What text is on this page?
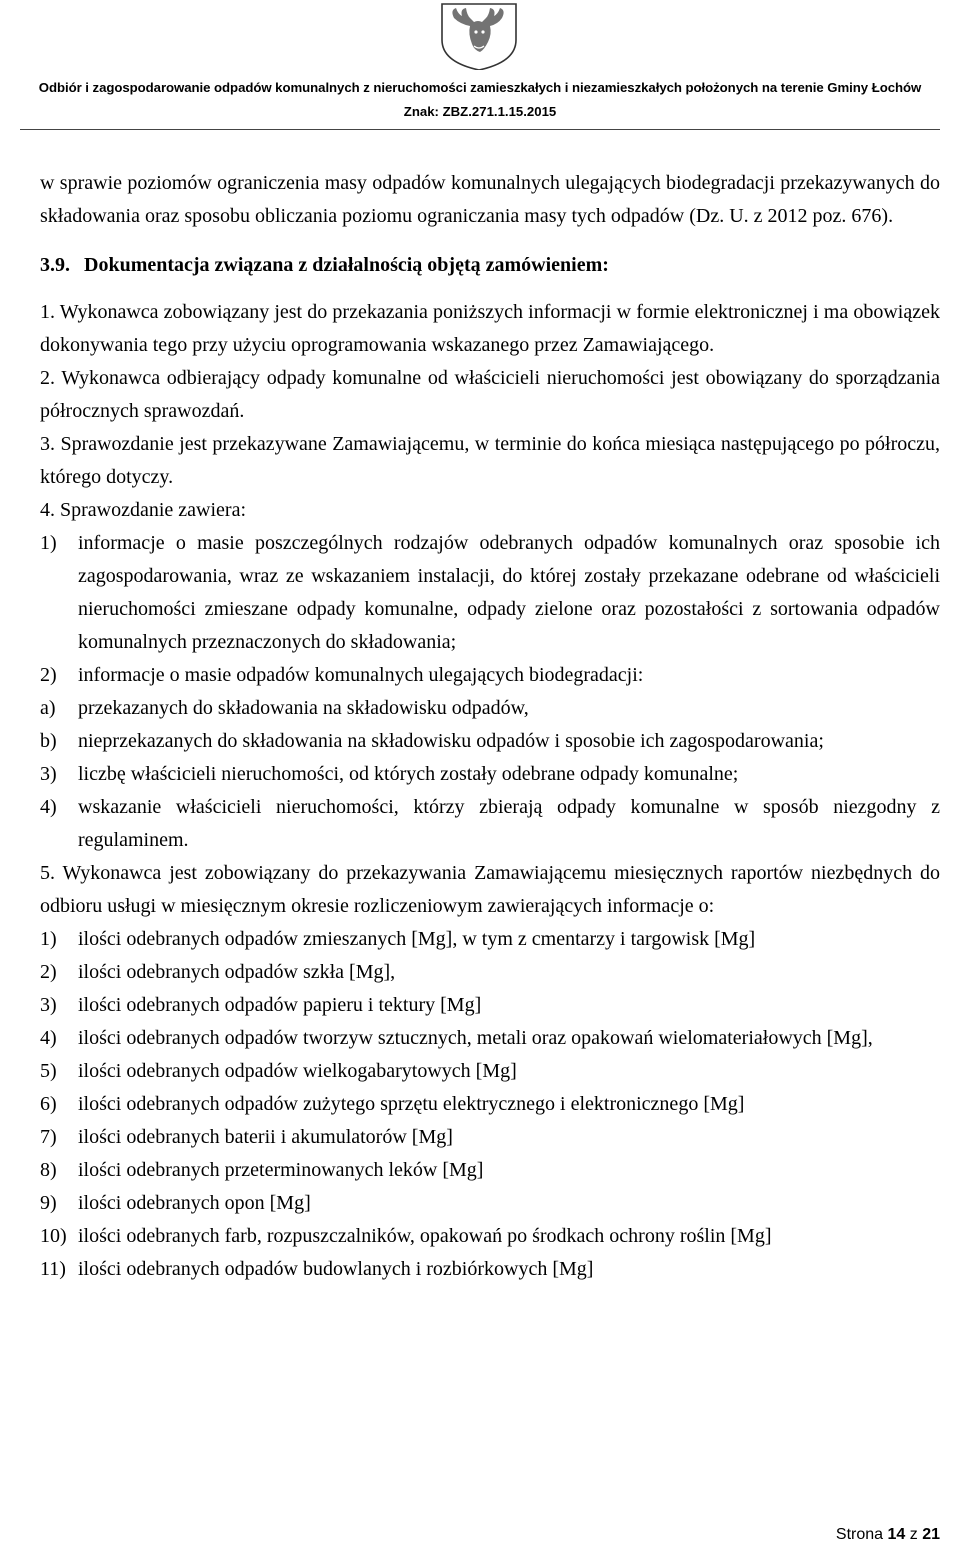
Odbiór i zagospodarowanie odpadów komunalnych z nieruchomości zamieszkałych i niezamieszkałych położonych na terenie Gminy Łochów
Znak: ZBZ.271.1.15.2015

w sprawie poziomów ograniczenia masy odpadów komunalnych ulegających biodegradacji przekazywanych do składowania oraz sposobu obliczania poziomu ograniczania masy tych odpadów (Dz. U. z 2012 poz. 676).

3.9. Dokumentacja związana z działalnością objętą zamówieniem:

1. Wykonawca zobowiązany jest do przekazania poniższych informacji w formie elektronicznej i ma obowiązek dokonywania tego przy użyciu oprogramowania wskazanego przez Zamawiającego.

2. Wykonawca odbierający odpady komunalne od właścicieli nieruchomości jest obowiązany do sporządzania półrocznych sprawozdań.

3. Sprawozdanie jest przekazywane Zamawiającemu, w terminie do końca miesiąca następującego po półroczu, którego dotyczy.

4. Sprawozdanie zawiera:

1) informacje o masie poszczególnych rodzajów odebranych odpadów komunalnych oraz sposobie ich zagospodarowania, wraz ze wskazaniem instalacji, do której zostały przekazane odebrane od właścicieli nieruchomości zmieszane odpady komunalne, odpady zielone oraz pozostałości z sortowania odpadów komunalnych przeznaczonych do składowania;

2) informacje o masie odpadów komunalnych ulegających biodegradacji:

a) przekazanych do składowania na składowisku odpadów,

b) nieprzekazanych do składowania na składowisku odpadów i sposobie ich zagospodarowania;

3) liczbę właścicieli nieruchomości, od których zostały odebrane odpady komunalne;

4) wskazanie właścicieli nieruchomości, którzy zbierają odpady komunalne w sposób niezgodny z regulaminem.

5. Wykonawca jest zobowiązany do przekazywania Zamawiającemu miesięcznych raportów niezbędnych do odbioru usługi w miesięcznym okresie rozliczeniowym zawierających informacje o:

1) ilości odebranych odpadów zmieszanych [Mg], w tym z cmentarzy i targowisk [Mg]

2) ilości odebranych odpadów szkła [Mg],

3) ilości odebranych odpadów papieru i tektury [Mg]

4) ilości odebranych odpadów tworzyw sztucznych, metali oraz opakowań wielomateriałowych [Mg],

5) ilości odebranych odpadów wielkogabarytowych [Mg]

6) ilości odebranych odpadów zużytego sprzętu elektrycznego i elektronicznego [Mg]

7) ilości odebranych baterii i akumulatorów [Mg]

8) ilości odebranych przeterminowanych leków [Mg]

9) ilości odebranych opon [Mg]

10) ilości odebranych farb, rozpuszczalników, opakowań po środkach ochrony roślin [Mg]

11) ilości odebranych odpadów budowlanych i rozbiórkowych [Mg]

Strona 14 z 21
